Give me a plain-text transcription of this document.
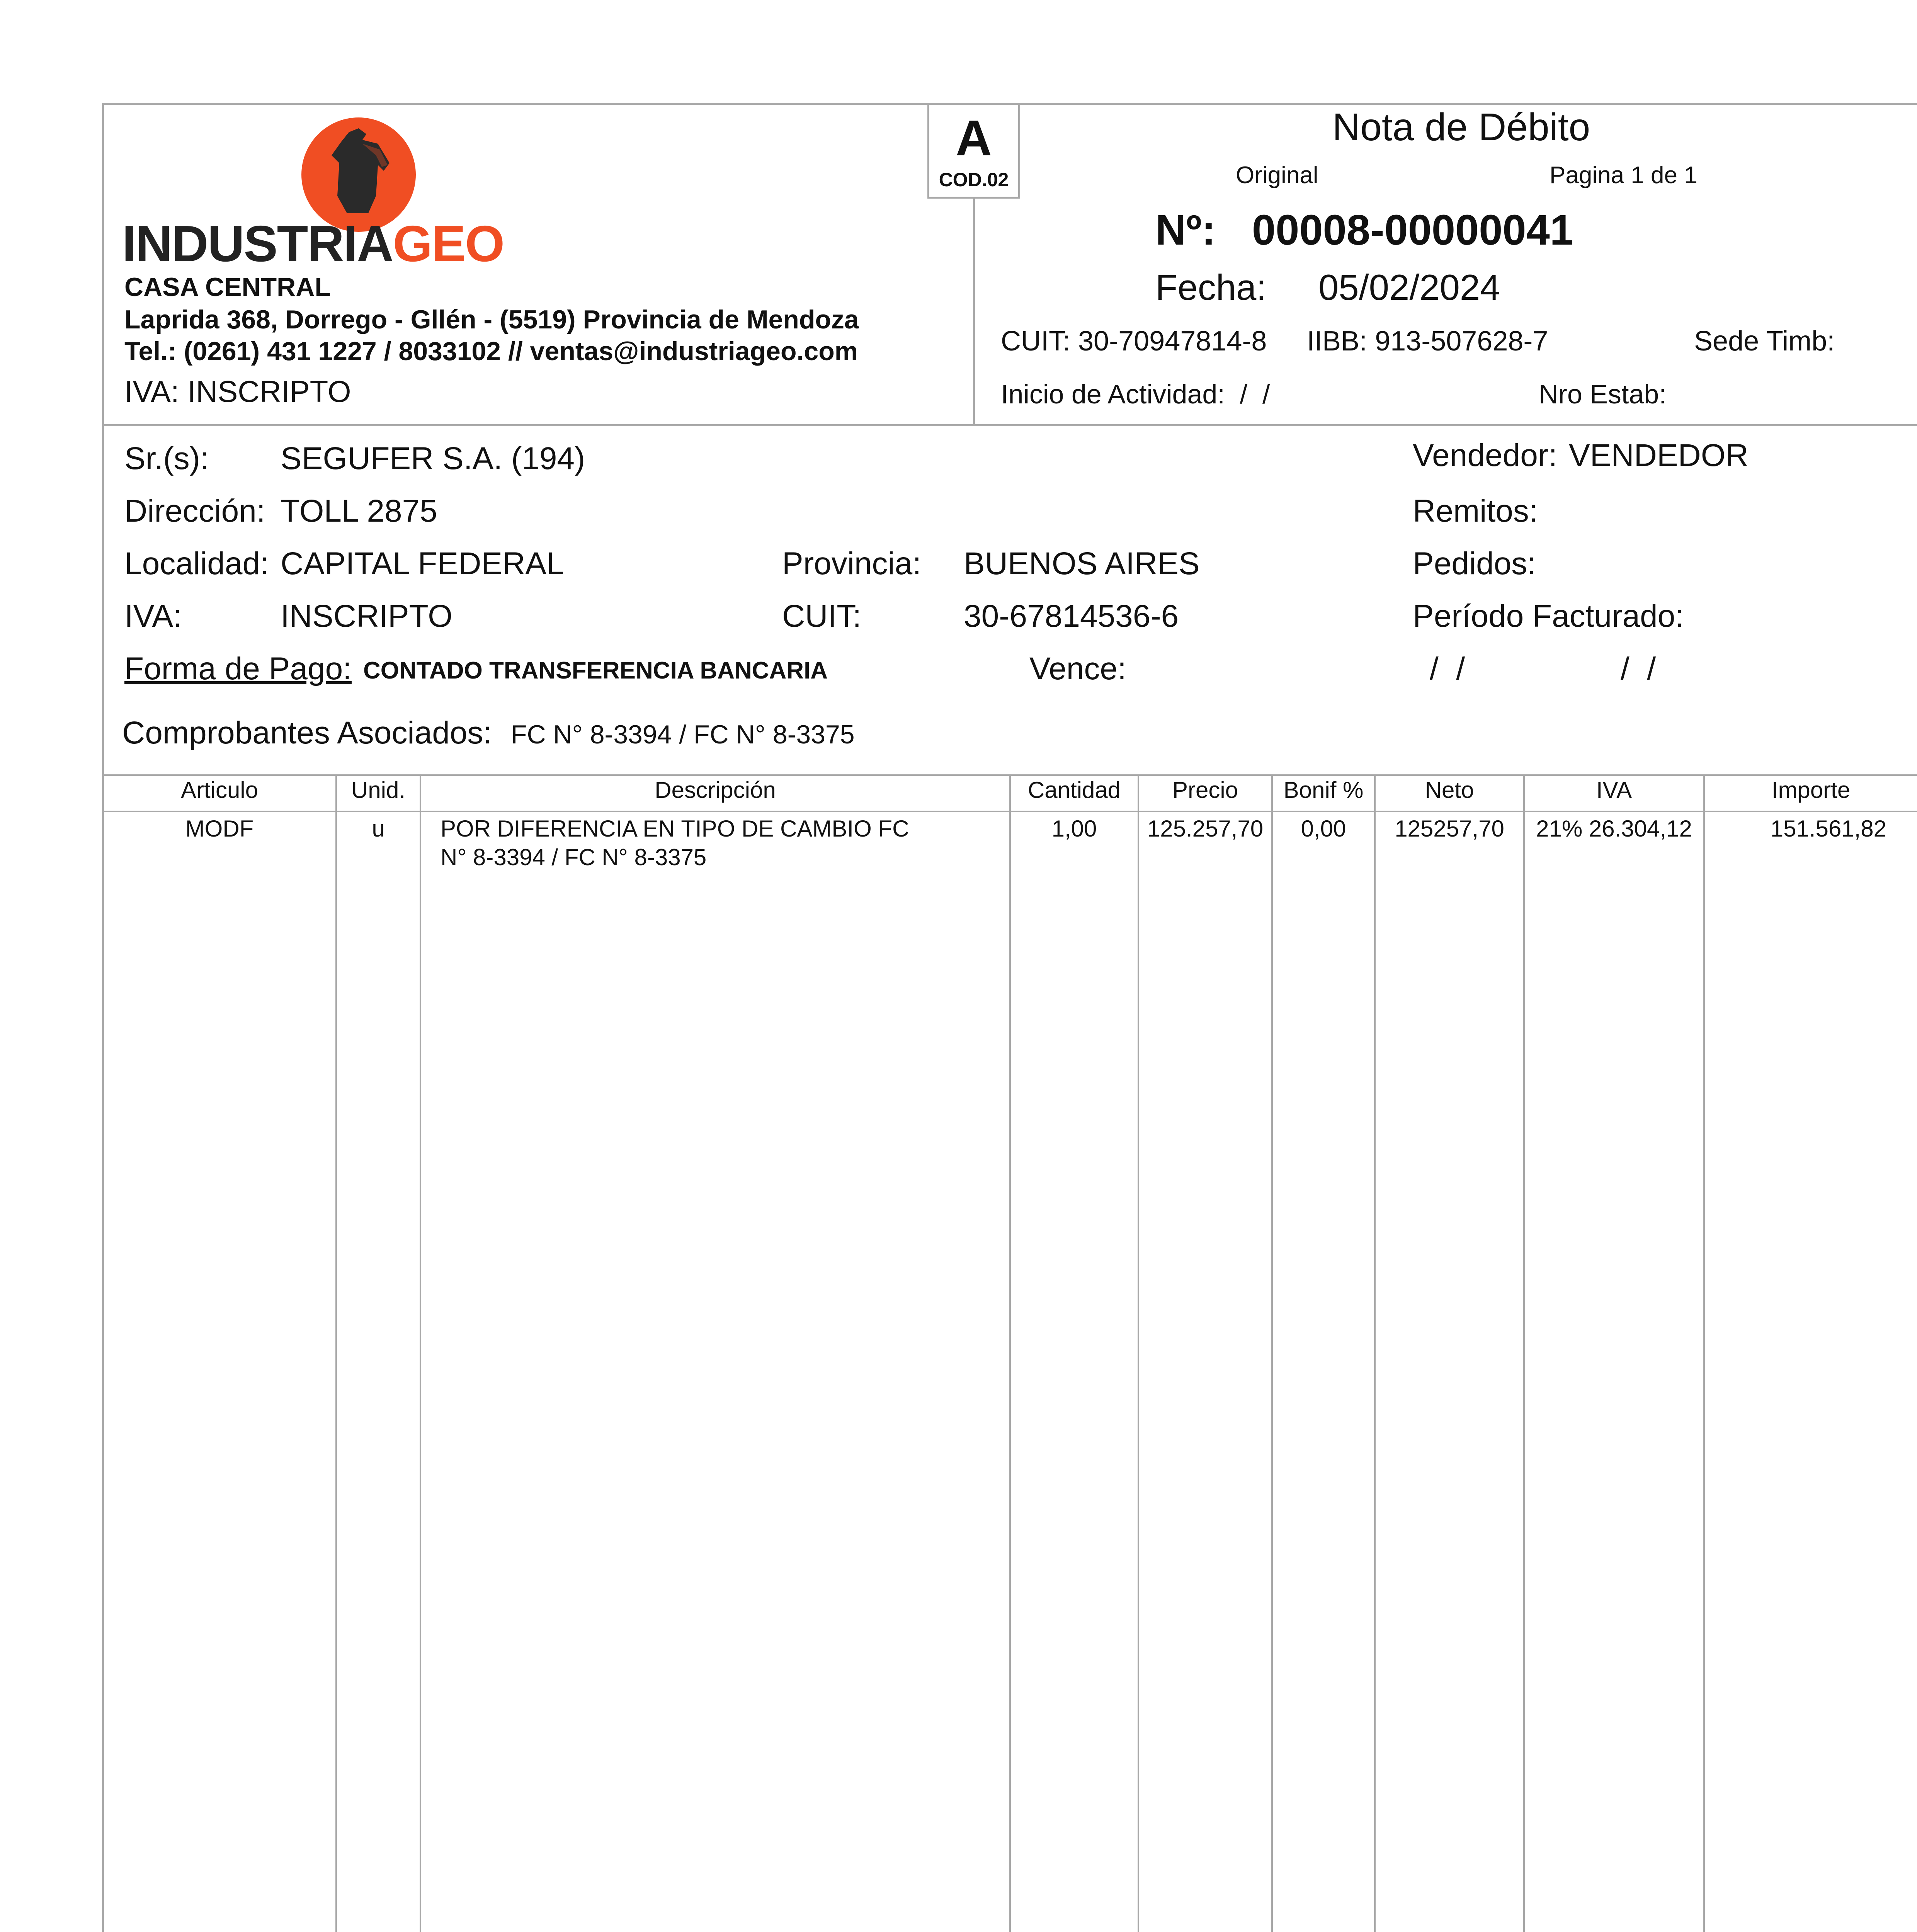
INDUSTRIAGEO
CASA CENTRAL
Laprida 368, Dorrego - Gllén - (5519) Provincia de Mendoza
Tel.: (0261) 431 1227 / 8033102 // ventas@industriageo.com
IVA: INSCRIPTO
A
COD.02
Nota de Débito
Original	Pagina 1 de 1
Nº: 00008-00000041
Fecha: 05/02/2024
CUIT: 30-70947814-8 IIBB: 913-507628-7	Sede Timb:
Inicio de Actividad:  /  /	Nro Estab:
Sr.(s): SEGUFER S.A. (194)
Dirección: TOLL 2875
Localidad: CAPITAL FEDERAL	Provincia: BUENOS AIRES
IVA:	INSCRIPTO	CUIT:	30-67814536-6
Vendedor: VENDEDOR
Remitos:
Pedidos:
Período Facturado:
/  /	/  /
Forma de Pago: CONTADO TRANSFERENCIA BANCARIA	Vence:
Comprobantes Asociados: FC N° 8-3394 / FC N° 8-3375
Articulo	Unid.	Descripción	Cantidad	Precio	Bonif %	Neto	IVA	Importe
MODF	u	POR DIFERENCIA EN TIPO DE CAMBIO FC
N° 8-3394 / FC N° 8-3375
1,00	125.257,70	0,00	125257,70	21% 26.304,12	151.561,82
